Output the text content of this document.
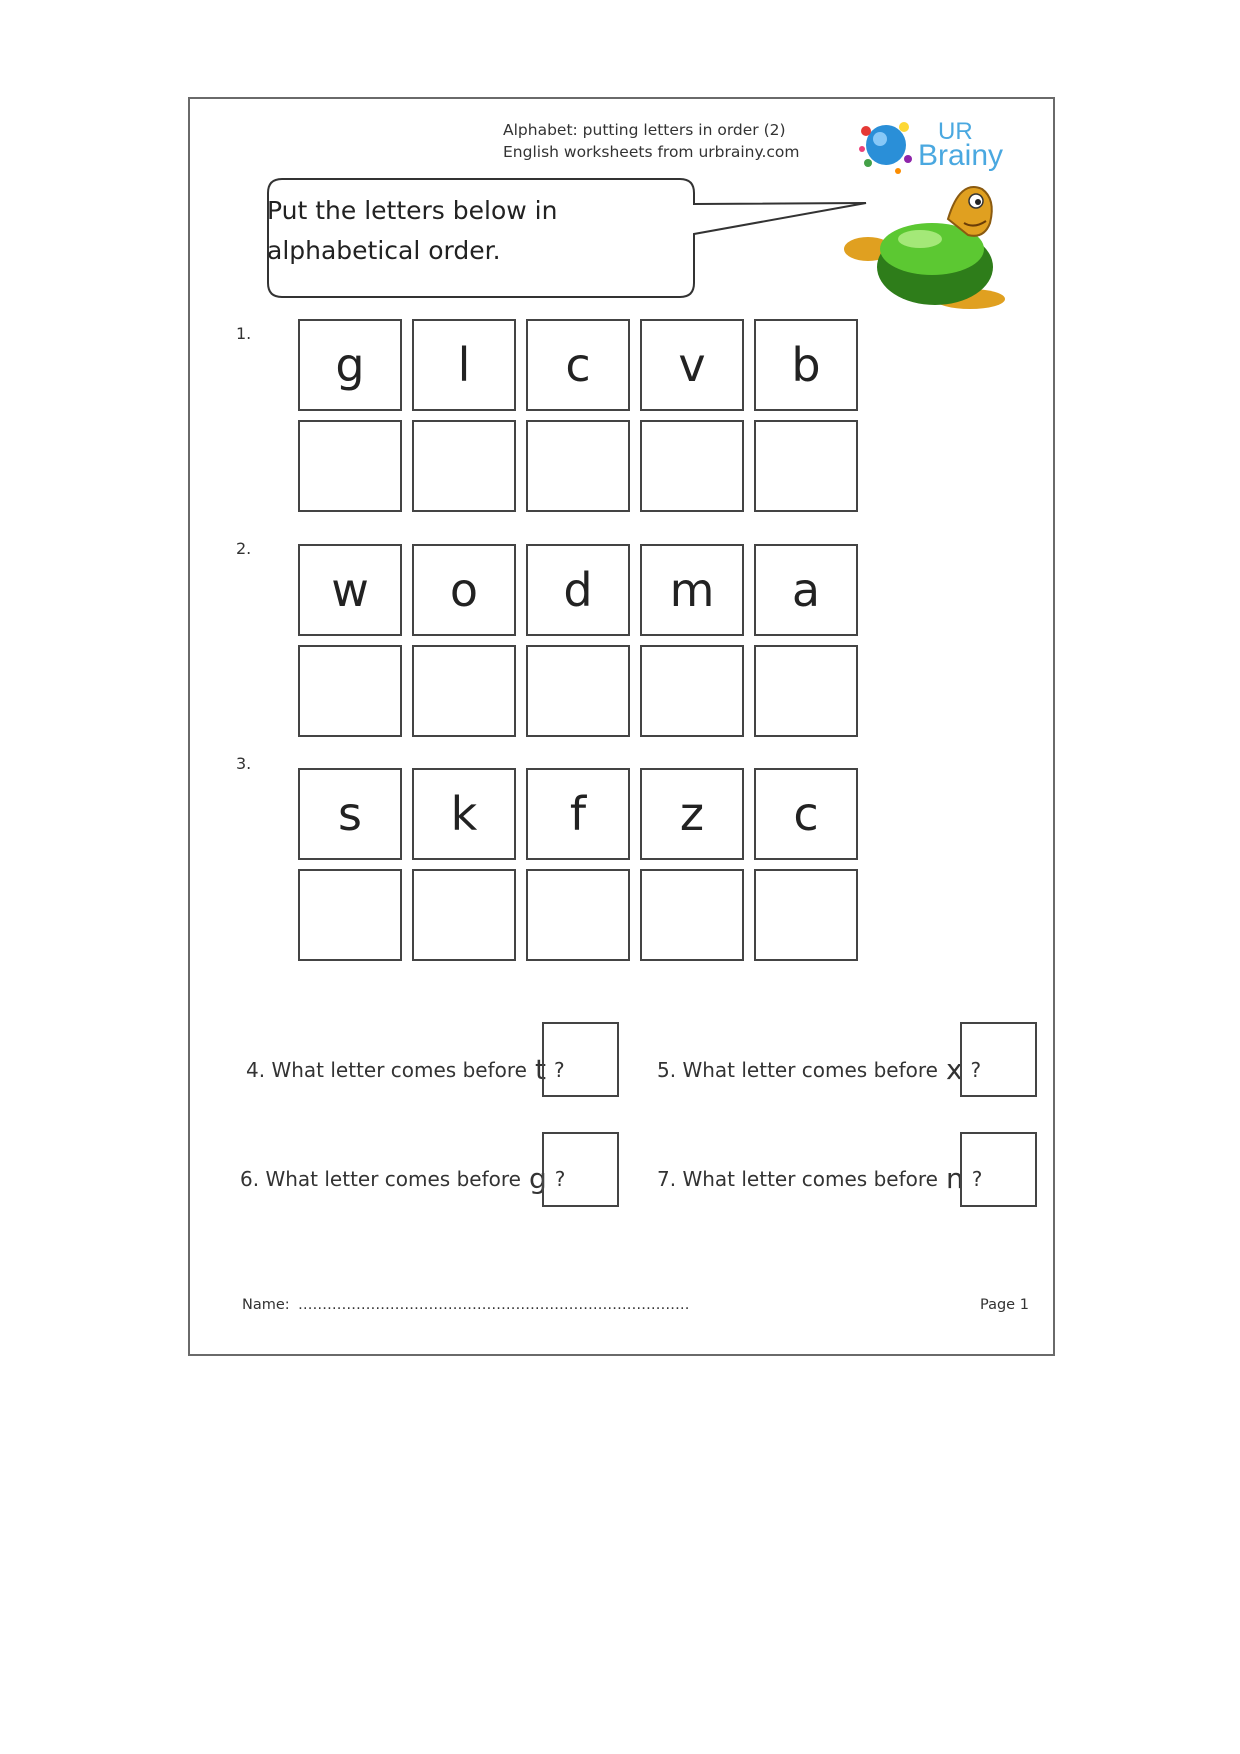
Alphabet: putting letters in order (2)
English worksheets from urbrainy.com
UR
Brainy
Put the letters below in alphabetical order.
1.
g	l	c	v	b
2.
w	o	d	m	a
3.
s	k	f	z	c
4.
What letter comes before t ?	5.
What letter comes before x ?
6.
What letter comes before g ?	7.
What letter comes before n ?
Name: ………………………………………………………………………	Page 1
